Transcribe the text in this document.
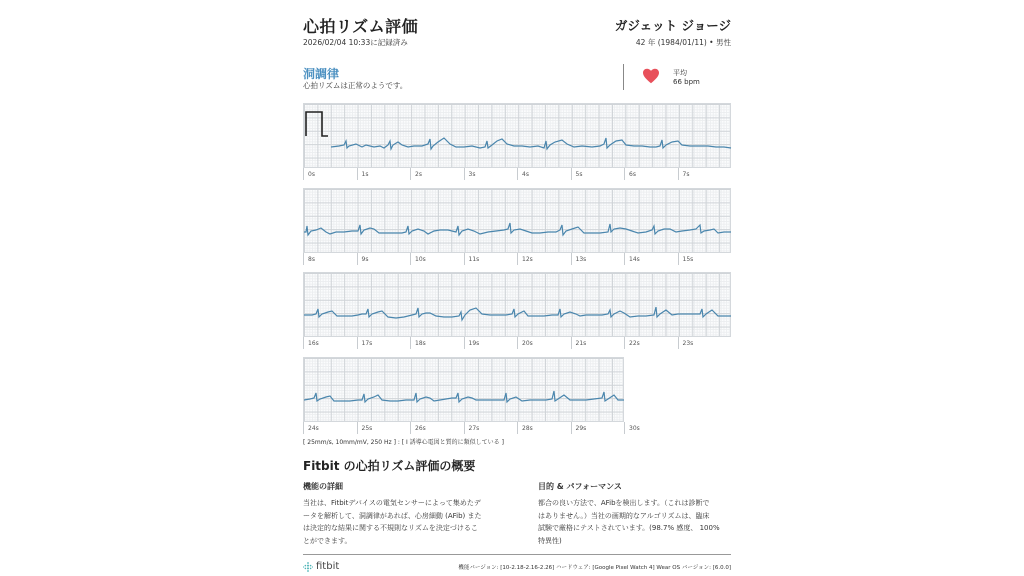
心拍リズム評価
2026/02/04 10:33に記録済み
ガジェット ジョージ
42 年 (1984/01/11) • 男性
洞調律
心拍リズムは正常のようです。
平均
66 bpm
0s	1s	2s	3s	4s	5s	6s	7s
8s	9s	10s	11s	12s	13s	14s	15s
16s	17s	18s	19s	20s	21s	22s	23s
24s	25s	26s	27s	28s	29s	30s
[ 25mm/s, 10mm/mV, 250 Hz ] : [ I 誘導心電図と質的に類似している ]
Fitbit の心拍リズム評価の概要
機能の詳細
当社は、Fitbitデバイスの電気センサーによって集めたデ
ータを解析して、洞調律があれば、心房細動 (AFib) また
は決定的な結果に関する不規則なリズムを決定づけるこ
とができます。
目的 & パフォーマンス
都合の良い方法で、AFibを検出します。（これは診断で
はありません。）当社の画期的なアルゴリズムは、臨床
試験で厳格にテストされています。(98.7% 感度、 100%
特異性)
fitbit	機能バージョン: [10-2.18-2.16-2.26] ハードウェア: [Google Pixel Watch 4] Wear OS バージョン: [6.0.0]
